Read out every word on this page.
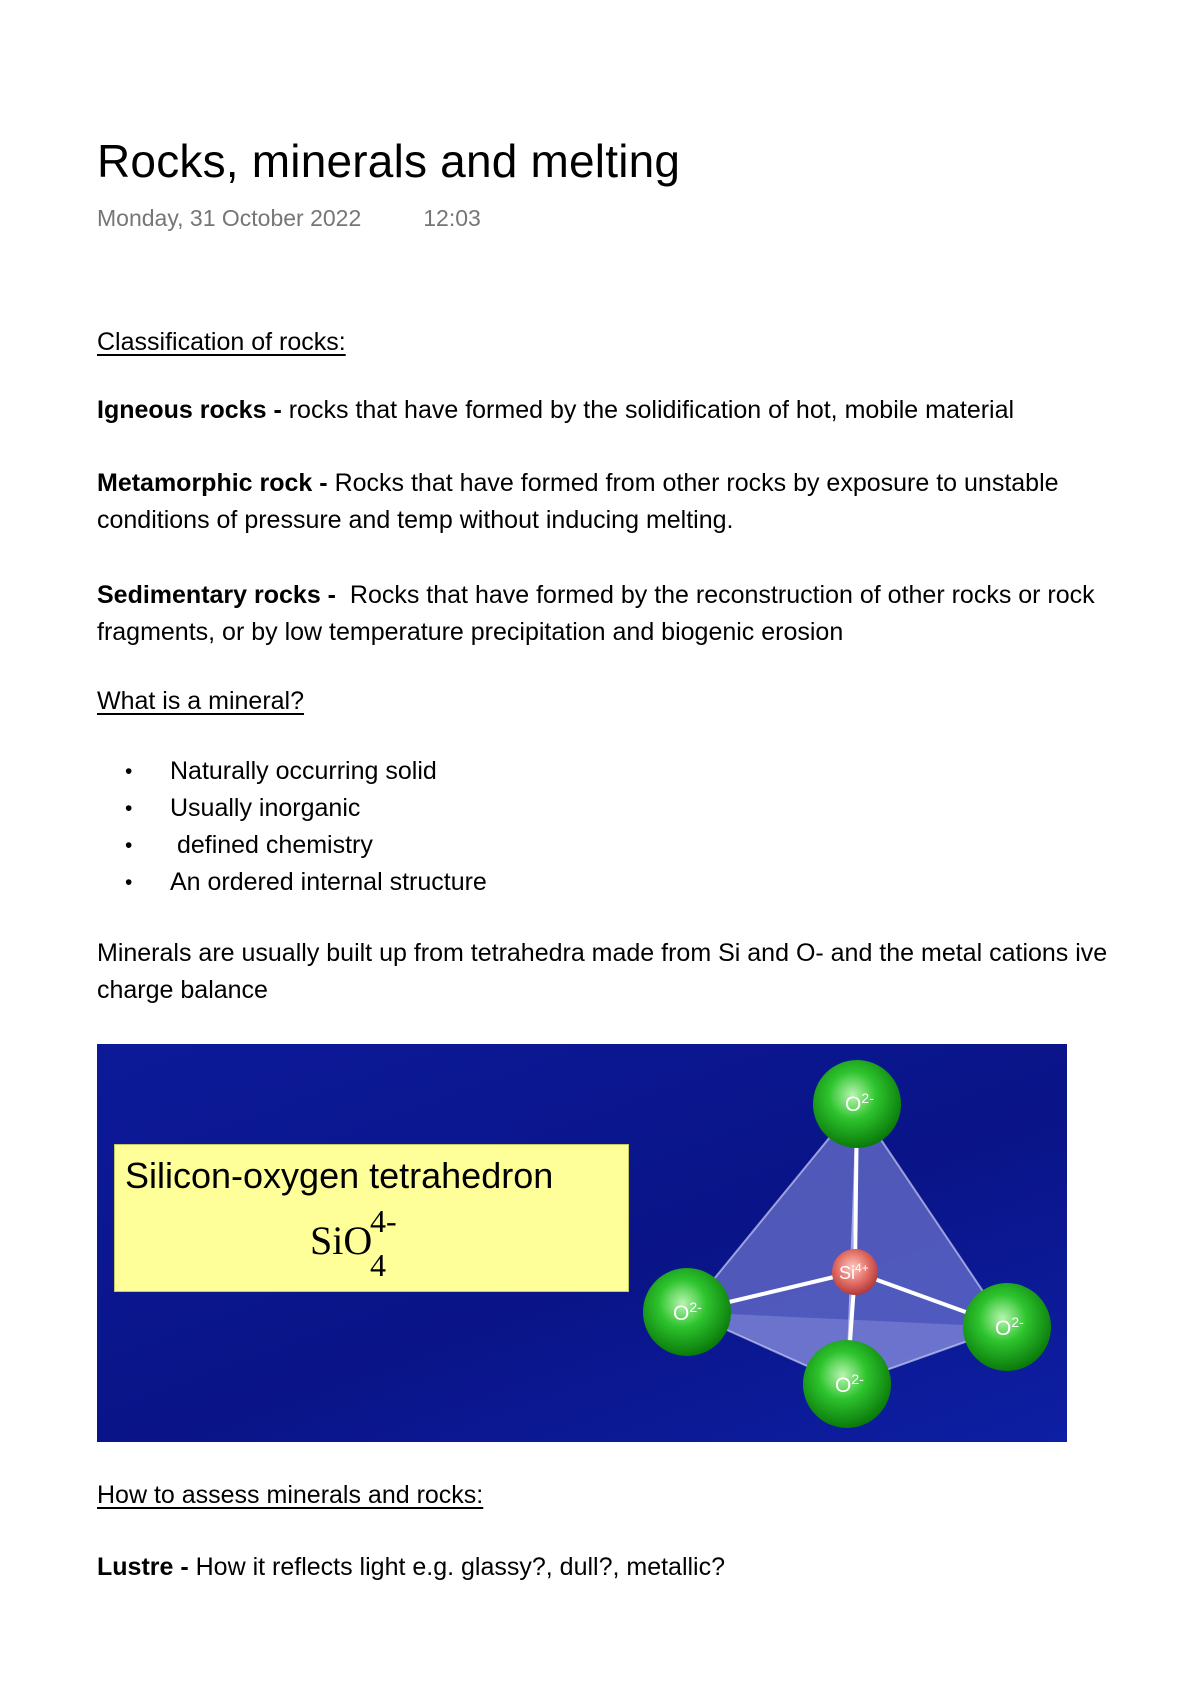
Rocks, minerals and melting
Monday, 31 October 2022	12:03
Classification of rocks:
Igneous rocks - rocks that have formed by the solidification of hot, mobile material
Metamorphic rock - Rocks that have formed from other rocks by exposure to unstable
conditions of pressure and temp without inducing melting.
Sedimentary rocks -  Rocks that have formed by the reconstruction of other rocks or rock
fragments, or by low temperature precipitation and biogenic erosion
What is a mineral?
•	Naturally occurring solid
•	Usually inorganic
•	defined chemistry
•	An ordered internal structure
Minerals are usually built up from tetrahedra made from Si and O- and the metal cations ive
charge balance
$O^{2-}$
$O^{2-}$
$O^{2-}$
$O^{2-}$
$Si^{4+}$
Silicon-oxygen tetrahedron
SiO
4-
4
How to assess minerals and rocks:
Lustre - How it reflects light e.g. glassy?, dull?, metallic?
